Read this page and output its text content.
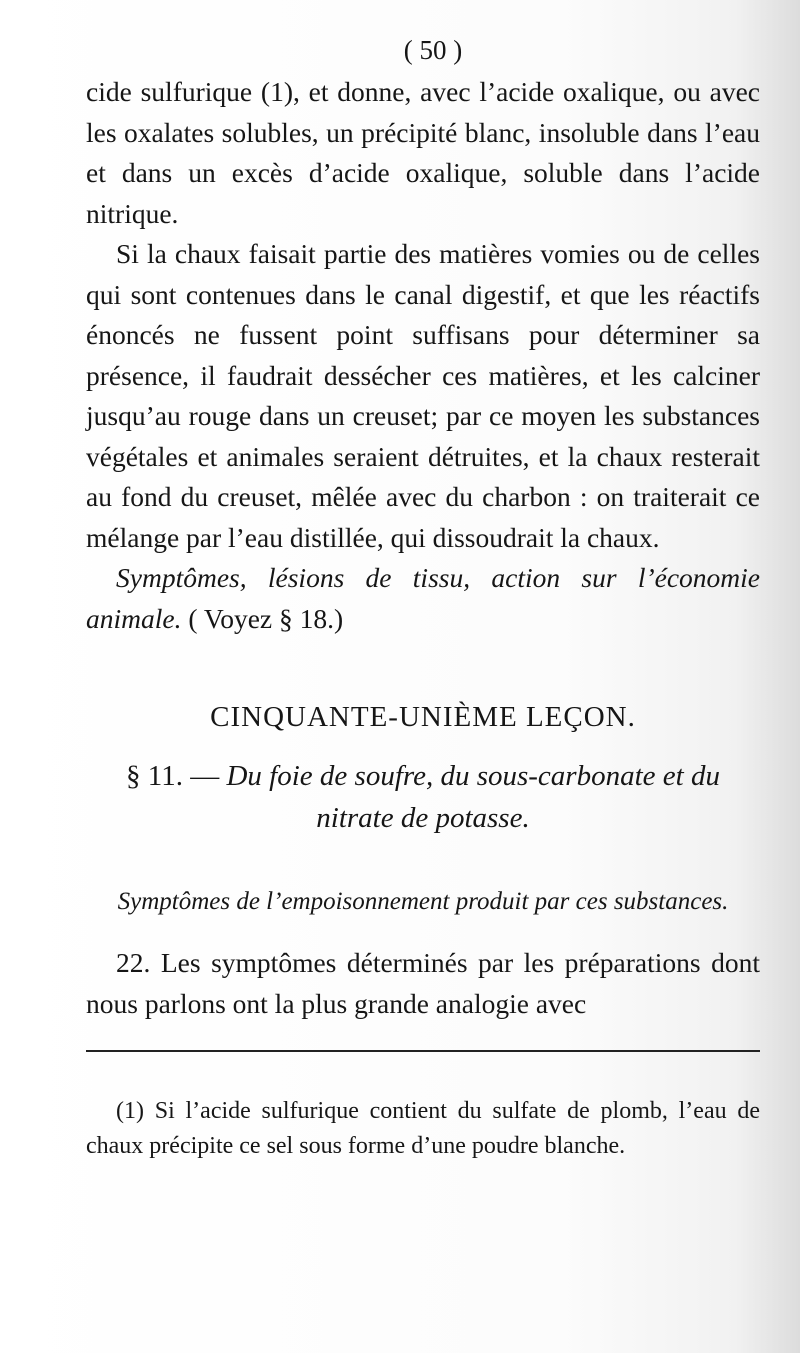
( 50 )

cide sulfurique (1), et donne, avec l’acide oxalique, ou avec les oxalates solubles, un précipité blanc, insoluble dans l’eau et dans un excès d’acide oxalique, soluble dans l’acide nitrique.

Si la chaux faisait partie des matières vomies ou de celles qui sont contenues dans le canal digestif, et que les réactifs énoncés ne fussent point suffisans pour déterminer sa présence, il faudrait dessécher ces matières, et les calciner jusqu’au rouge dans un creuset; par ce moyen les substances végétales et animales seraient détruites, et la chaux resterait au fond du creuset, mêlée avec du charbon : on traiterait ce mélange par l’eau distillée, qui dissoudrait la chaux.

Symptômes, lésions de tissu, action sur l’économie animale. ( Voyez § 18.)

CINQUANTE-UNIÈME LEÇON.
§ 11. — Du foie de soufre, du sous-carbonate et du nitrate de potasse.
Symptômes de l’empoisonnement produit par ces substances.

22. Les symptômes déterminés par les préparations dont nous parlons ont la plus grande analogie avec

(1) Si l’acide sulfurique contient du sulfate de plomb, l’eau de chaux précipite ce sel sous forme d’une poudre blanche.
